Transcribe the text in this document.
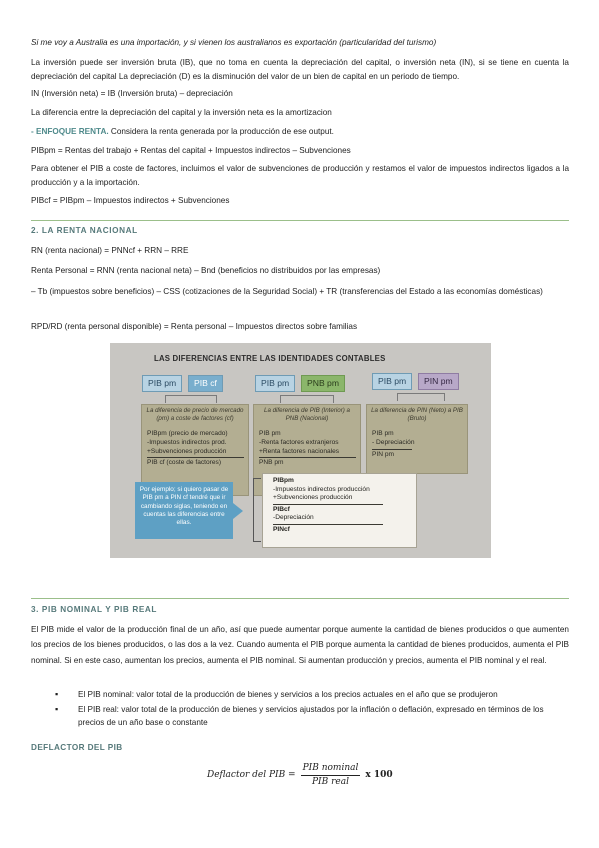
Si me voy a Australia es una importación, y si vienen los australianos es exportación (particularidad del turismo)
La inversión puede ser inversión bruta (IB), que no toma en cuenta la depreciación del capital, o inversión neta (IN), si se tiene en cuenta la depreciación del capital La depreciación (D) es la disminución del valor de un bien de capital en un periodo de tiempo.
IN (Inversión neta) = IB (Inversión bruta) – depreciación
La diferencia entre la depreciación del capital y la inversión neta es la amortizacion
- ENFOQUE RENTA. Considera la renta generada por la producción de ese output.
PIBpm = Rentas del trabajo + Rentas del capital + Impuestos indirectos – Subvenciones
Para obtener el PIB a coste de factores, incluimos el valor de subvenciones de producción y restamos el valor de impuestos indirectos ligados a la producción y a la importación.
PIBcf = PIBpm – Impuestos indirectos + Subvenciones
2. LA RENTA NACIONAL
RN (renta nacional) = PNNcf + RRN – RRE
Renta Personal = RNN (renta nacional neta) – Bnd (beneficios no distribuidos por las empresas)
– Tb (impuestos sobre beneficios) – CSS (cotizaciones de la Seguridad Social) + TR (transferencias del Estado a las economías domésticas)
RPD/RD (renta personal disponible) = Renta personal – Impuestos directos sobre familias
LAS DIFERENCIAS ENTRE LAS IDENTIDADES CONTABLES
PIB pm	PIB cf
La diferencia de precio de mercado (pm) a coste de factores (cf)
PIBpm (precio de mercado)
-Impuestos indirectos prod.
+Subvenciones producción
PIB cf (coste de factores)
PIB pm	PNB pm
La diferencia de PIB (Interior) a PNB (Nacional)
PIB pm
-Renta factores extranjeros
+Renta factores nacionales
PNB pm
PIB pm	PIN pm
La diferencia de PIN (Neto) a PIB (Bruto)
PIB pm
- Depreciación
PIN pm
Por ejemplo; si quiero pasar de PIB pm a PIN cf tendré que ir cambiando siglas, teniendo en cuentas las diferencias entre ellas.
PIBpm
-Impuestos indirectos producción
+Subvenciones producción
PIBcf
-Depreciación
PINcf
3. PIB NOMINAL Y PIB REAL
El PIB mide el valor de la producción final de un año, así que puede aumentar porque aumente la cantidad de bienes producidos o que aumenten los precios de los bienes producidos, o las dos a la vez. Cuando aumenta el PIB porque aumenta la cantidad de bienes producidos, aumenta el PIB nominal. Si en este caso, aumentan los precios, aumenta el PIB nominal. Si aumentan producción y precios, aumenta el PIB nominal y el real.
▪ El PIB nominal: valor total de la producción de bienes y servicios a los precios actuales en el año que se produjeron
▪ El PIB real: valor total de la producción de bienes y servicios ajustados por la inflación o deflación, expresado en términos de los precios de un año base o constante
DEFLACTOR DEL PIB
Deflactor del PIB = $\frac{\text{PIB nominal}}{\text{PIB real}}$ x 100
